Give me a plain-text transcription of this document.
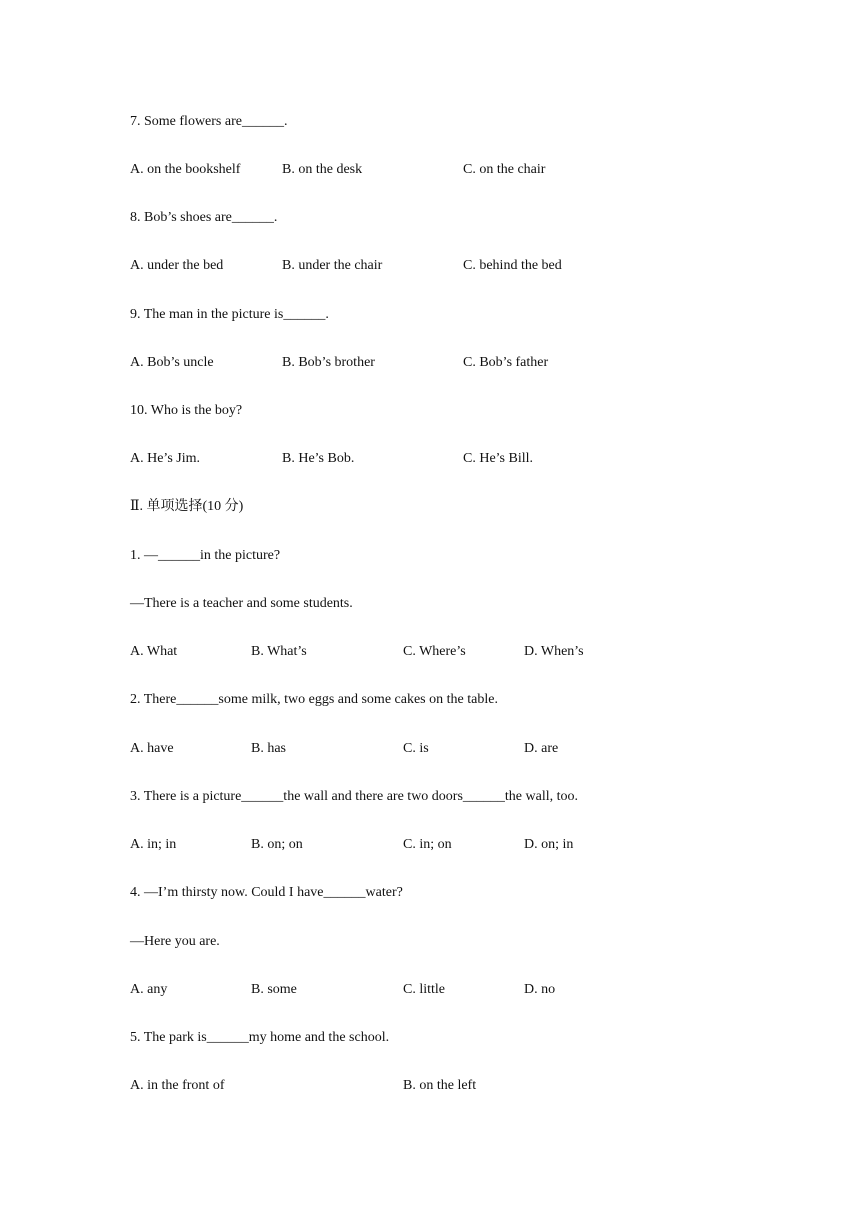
7. Some flowers are______.
A. on the bookshelf	B. on the desk	C. on the chair
8. Bob’s shoes are______.
A. under the bed	B. under the chair	C. behind the bed
9. The man in the picture is______.
A. Bob’s uncle	B. Bob’s brother	C. Bob’s father
10. Who is the boy?
A. He’s Jim.	B. He’s Bob.	C. He’s Bill.
Ⅱ. 单项选择(10 分)
1. —______in the picture?
—There is a teacher and some students.
A. What	B. What’s	C. Where’s	D. When’s
2. There______some milk, two eggs and some cakes on the table.
A. have	B. has	C. is	D. are
3. There is a picture______the wall and there are two doors______the wall, too.
A. in; in	B. on; on	C. in; on	D. on; in
4. —I’m thirsty now. Could I have______water?
—Here you are.
A. any	B. some	C. little	D. no
5. The park is______my home and the school.
A. in the front of	B. on the left
